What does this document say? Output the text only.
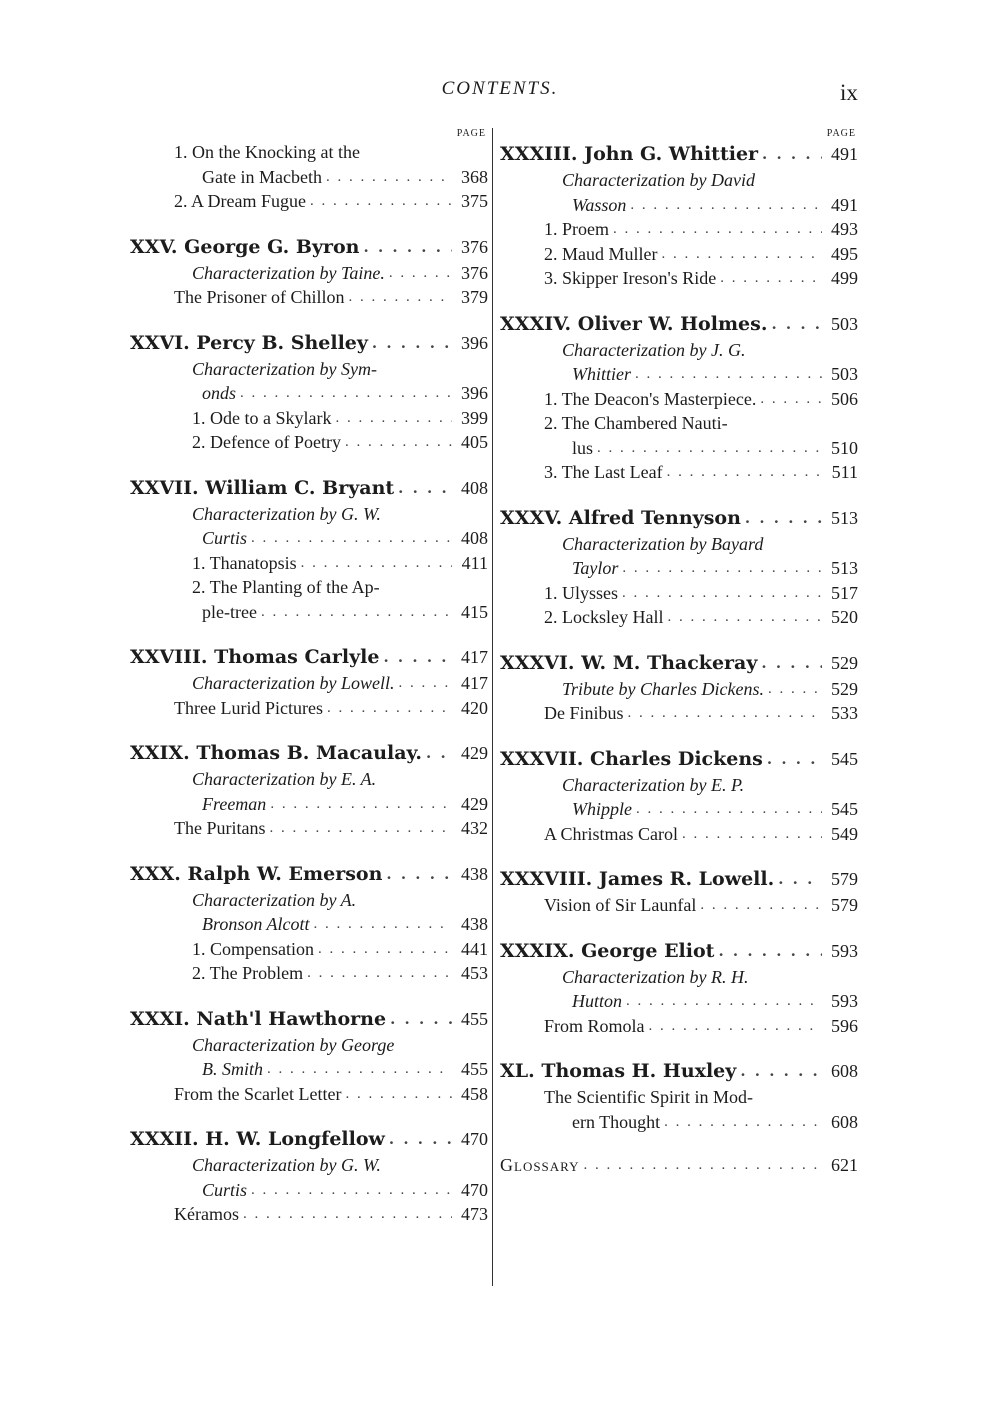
CONTENTS.	ix
PAGE
1. On the Knocking at the
Gate in Macbeth . . .	368
2. A Dream Fugue . . .	375
XXV. George G. Byron . . .	376
Characterization by Taine. . . .	376
The Prisoner of Chillon . . .	379
XXVI. Percy B. Shelley . . .	396
Characterization by Sym-
onds . . .	396
1. Ode to a Skylark . . .	399
2. Defence of Poetry . . .	405
XXVII. William C. Bryant . . .	408
Characterization by G. W.
Curtis . . .	408
1. Thanatopsis . . .	411
2. The Planting of the Ap-
ple-tree . . .	415
XXVIII. Thomas Carlyle . . .	417
Characterization by Lowell. . . .	417
Three Lurid Pictures . . .	420
XXIX. Thomas B. Macaulay. . . . 429
Characterization by E. A.
Freeman . . .	429
The Puritans . . .	432
XXX. Ralph W. Emerson . . .	438
Characterization by A.
Bronson Alcott . . .	438
1. Compensation . . .	441
2. The Problem . . .	453
XXXI. Nath'l Hawthorne . . .	455
Characterization by George
B. Smith . . .	455
From the Scarlet Letter . . .	458
XXXII. H. W. Longfellow . . .	470
Characterization by G. W.
Curtis . . .	470
Kéramos . . .	473
PAGE
XXXIII. John G. Whittier . . .	491
Characterization by David
Wasson . . .	491
1. Proem . . .	493
2. Maud Muller . . .	495
3. Skipper Ireson's Ride . . .	499
XXXIV. Oliver W. Holmes. . . .	503
Characterization by J. G.
Whittier . . .	503
1. The Deacon's Masterpiece. . . .	506
2. The Chambered Nauti-
lus . . .	510
3. The Last Leaf . . .	511
XXXV. Alfred Tennyson . . .	513
Characterization by Bayard
Taylor . . .	513
1. Ulysses . . .	517
2. Locksley Hall . . .	520
XXXVI. W. M. Thackeray . . .	529
Tribute by Charles Dickens. . . .	529
De Finibus . . .	533
XXXVII. Charles Dickens . . .	545
Characterization by E. P.
Whipple . . .	545
A Christmas Carol . . .	549
XXXVIII. James R. Lowell. . . .	579
Vision of Sir Launfal . . .	579
XXXIX. George Eliot . . .	593
Characterization by R. H.
Hutton . . .	593
From Romola . . .	596
XL. Thomas H. Huxley . . .	608
The Scientific Spirit in Mod-
ern Thought . . .	608
Glossary . . .	621
